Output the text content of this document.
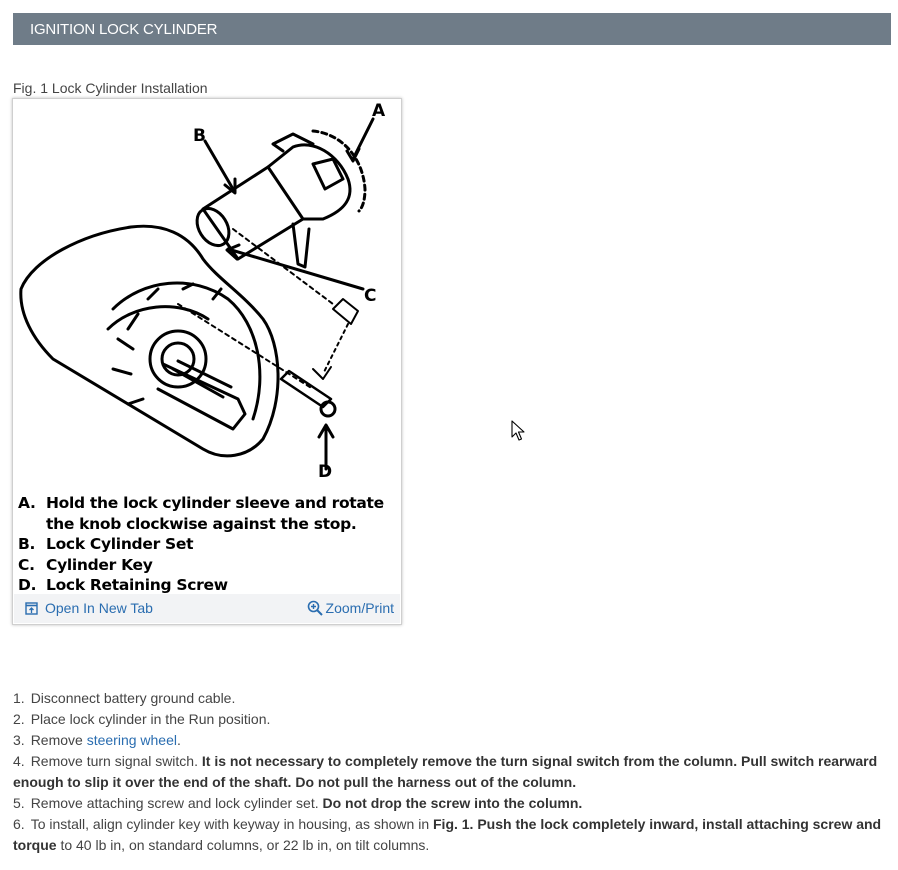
IGNITION LOCK CYLINDER
Fig. 1 Lock Cylinder Installation
A
B
C
D
A. Hold the lock cylinder sleeve and rotate the knob clockwise against the stop.
B. Lock Cylinder Set
C. Cylinder Key
D. Lock Retaining Screw
Open In New Tab	Zoom/Print
1. Disconnect battery ground cable.
2. Place lock cylinder in the Run position.
3. Remove steering wheel.
4. Remove turn signal switch. It is not necessary to completely remove the turn signal switch from the column. Pull switch rearward enough to slip it over the end of the shaft. Do not pull the harness out of the column.
5. Remove attaching screw and lock cylinder set. Do not drop the screw into the column.
6. To install, align cylinder key with keyway in housing, as shown in Fig. 1. Push the lock completely inward, install attaching screw and torque to 40 lb in, on standard columns, or 22 lb in, on tilt columns.
